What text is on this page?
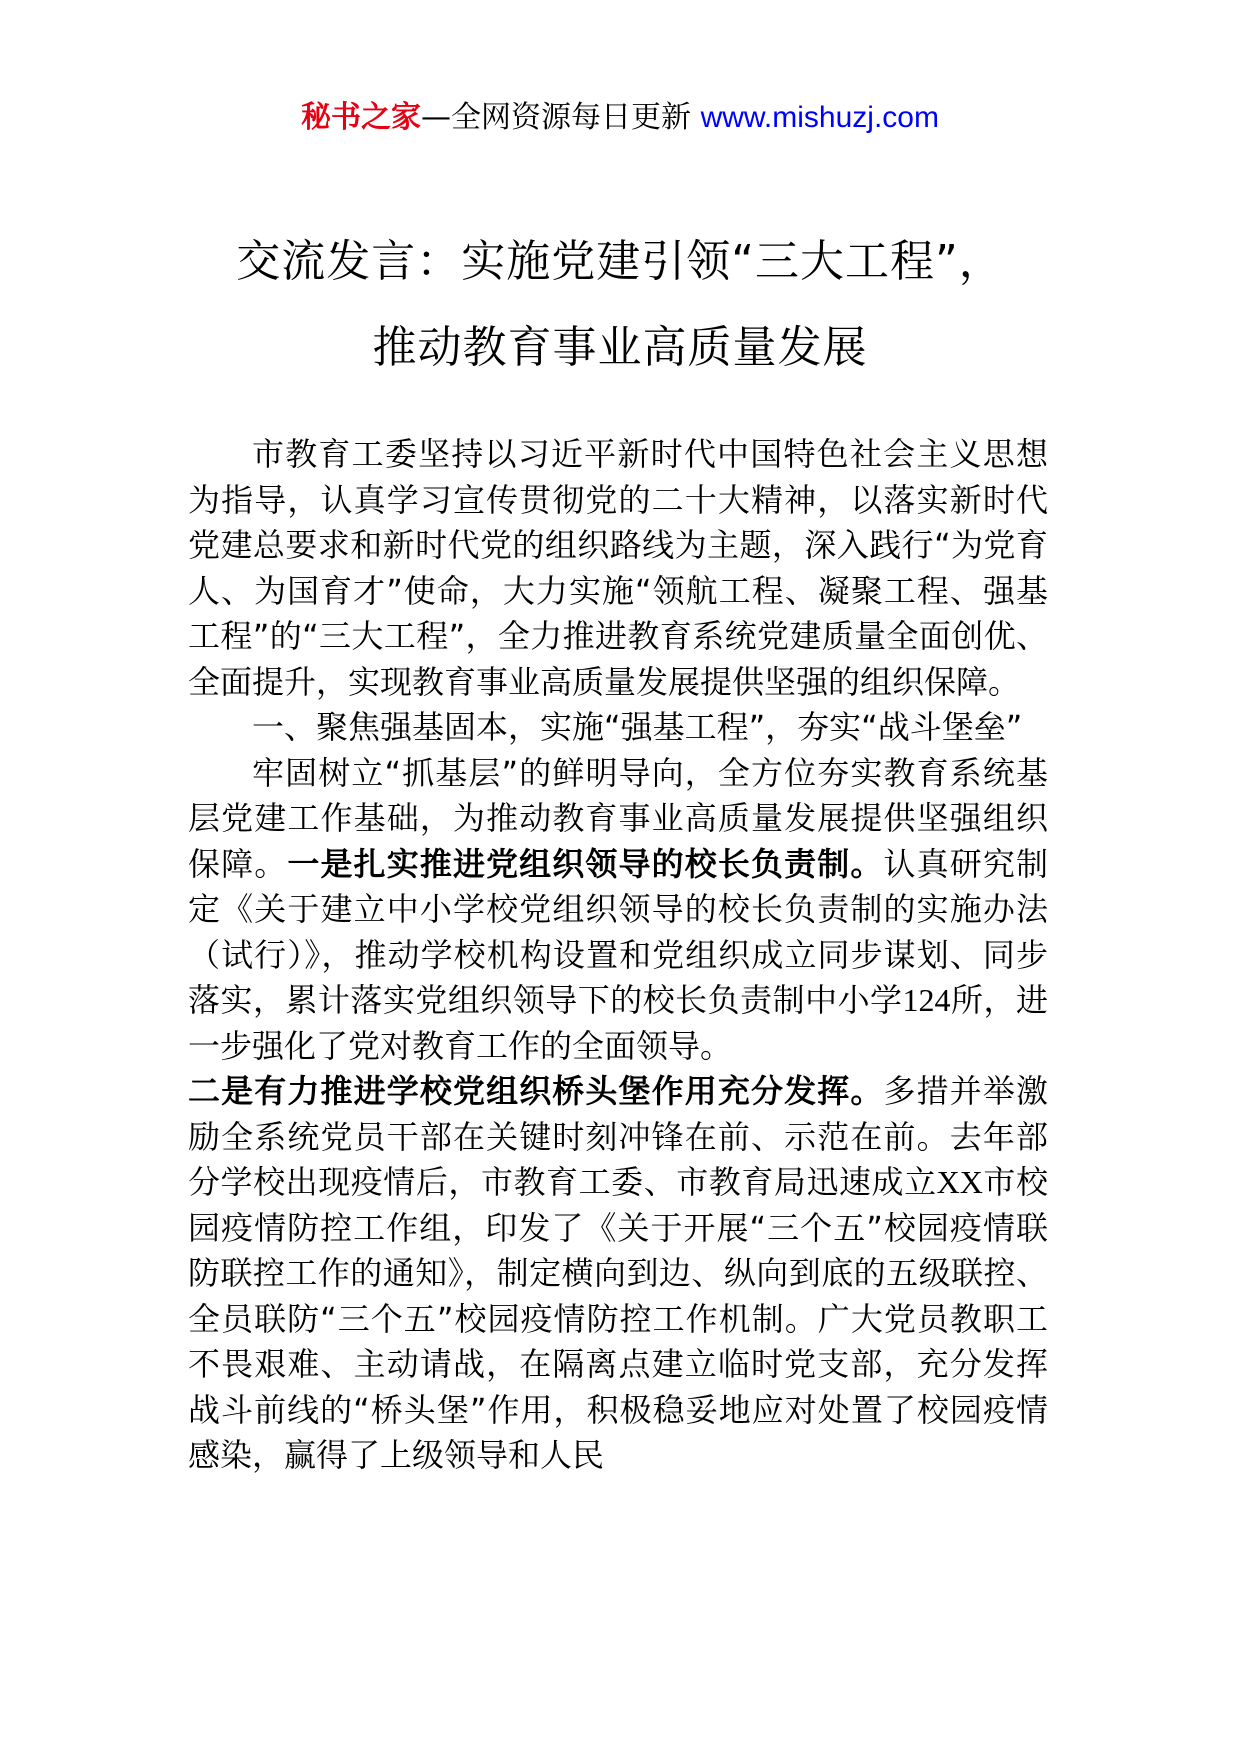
秘书之家—全网资源每日更新 www.mishuzj.com
交流发言：实施党建引领“三大工程”，
推动教育事业高质量发展

市教育工委坚持以习近平新时代中国特色社会主义思想为指导，认真学习宣传贯彻党的二十大精神，以落实新时代党建总要求和新时代党的组织路线为主题，深入践行“为党育人、为国育才”使命，大力实施“领航工程、凝聚工程、强基工程”的“三大工程”，全力推进教育系统党建质量全面创优、全面提升，实现教育事业高质量发展提供坚强的组织保障。

一、聚焦强基固本，实施“强基工程”，夯实“战斗堡垒”

牢固树立“抓基层”的鲜明导向，全方位夯实教育系统基层党建工作基础，为推动教育事业高质量发展提供坚强组织保障。一是扎实推进党组织领导的校长负责制。认真研究制定《关于建立中小学校党组织领导的校长负责制的实施办法（试行）》，推动学校机构设置和党组织成立同步谋划、同步落实，累计落实党组织领导下的校长负责制中小学124所，进一步强化了党对教育工作的全面领导。

二是有力推进学校党组织桥头堡作用充分发挥。多措并举激励全系统党员干部在关键时刻冲锋在前、示范在前。去年部分学校出现疫情后，市教育工委、市教育局迅速成立XX市校园疫情防控工作组，印发了《关于开展“三个五”校园疫情联防联控工作的通知》，制定横向到边、纵向到底的五级联控、全员联防“三个五”校园疫情防控工作机制。广大党员教职工不畏艰难、主动请战，在隔离点建立临时党支部，充分发挥战斗前线的“桥头堡”作用，积极稳妥地应对处置了校园疫情感染，赢得了上级领导和人民
